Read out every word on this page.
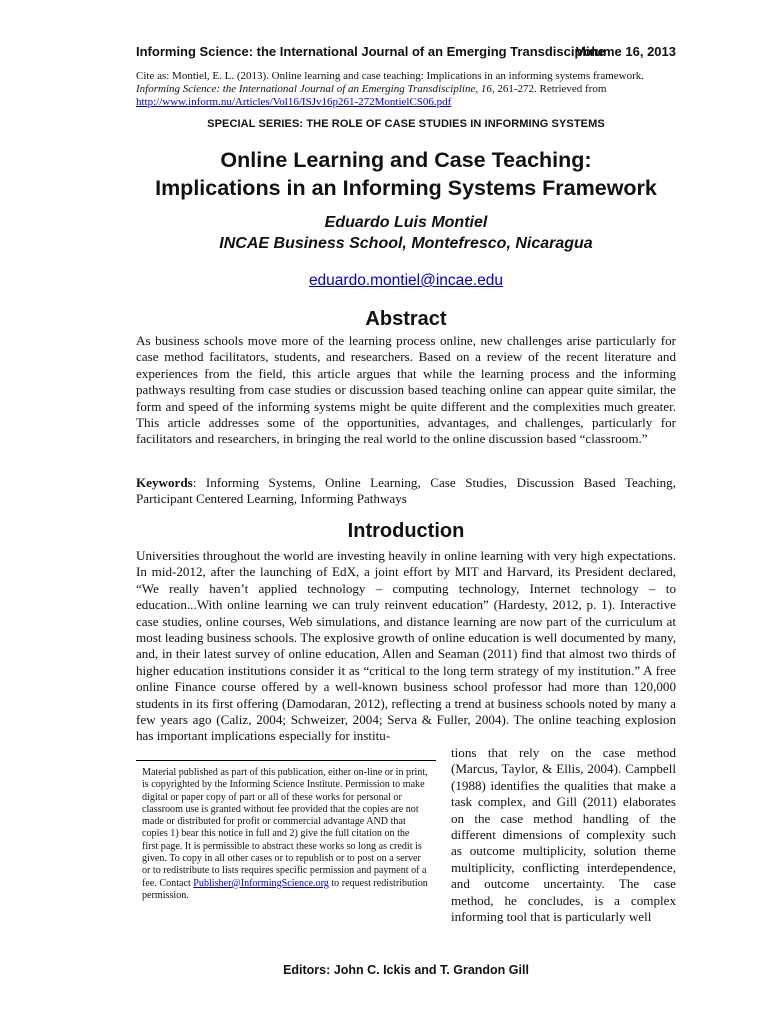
Informing Science: the International Journal of an Emerging Transdiscipline
Volume 16, 2013
Cite as: Montiel, E. L. (2013). Online learning and case teaching: Implications in an informing systems framework. Informing Science: the International Journal of an Emerging Transdiscipline, 16, 261-272. Retrieved from http://www.inform.nu/Articles/Vol16/ISJv16p261-272MontielCS06.pdf
SPECIAL SERIES: THE ROLE OF CASE STUDIES IN INFORMING SYSTEMS
Online Learning and Case Teaching:
Implications in an Informing Systems Framework
Eduardo Luis Montiel
INCAE Business School, Montefresco, Nicaragua
eduardo.montiel@incae.edu
Abstract

As business schools move more of the learning process online, new challenges arise particularly for case method facilitators, students, and researchers. Based on a review of the recent literature and experiences from the field, this article argues that while the learning process and the informing pathways resulting from case studies or discussion based teaching online can appear quite similar, the form and speed of the informing systems might be quite different and the complexities much greater. This article addresses some of the opportunities, advantages, and challenges, particularly for facilitators and researchers, in bringing the real world to the online discussion based “classroom.”

Keywords: Informing Systems, Online Learning, Case Studies, Discussion Based Teaching, Participant Centered Learning, Informing Pathways

Introduction

Universities throughout the world are investing heavily in online learning with very high expectations. In mid-2012, after the launching of EdX, a joint effort by MIT and Harvard, its President declared, “We really haven’t applied technology – computing technology, Internet technology – to education...With online learning we can truly reinvent education” (Hardesty, 2012, p. 1). Interactive case studies, online courses, Web simulations, and distance learning are now part of the curriculum at most leading business schools. The explosive growth of online education is well documented by many, and, in their latest survey of online education, Allen and Seaman (2011) find that almost two thirds of higher education institutions consider it as “critical to the long term strategy of my institution.” A free online Finance course offered by a well-known business school professor had more than 120,000 students in its first offering (Damodaran, 2012), reflecting a trend at business schools noted by many a few years ago (Caliz, 2004; Schweizer, 2004; Serva & Fuller, 2004). The online teaching explosion has important implications especially for institu-

tions that rely on the case method (Marcus, Taylor, & Ellis, 2004). Campbell (1988) identifies the qualities that make a task complex, and Gill (2011) elaborates on the case method handling of the different dimensions of complexity such as outcome multiplicity, solution theme multiplicity, conflicting interdependence, and outcome uncertainty. The case method, he concludes, is a complex informing tool that is particularly well

Material published as part of this publication, either on-line or in print, is copyrighted by the Informing Science Institute. Permission to make digital or paper copy of part or all of these works for personal or classroom use is granted without fee provided that the copies are not made or distributed for profit or commercial advantage AND that copies 1) bear this notice in full and 2) give the full citation on the first page. It is permissible to abstract these works so long as credit is given. To copy in all other cases or to republish or to post on a server or to redistribute to lists requires specific permission and payment of a fee. Contact Publisher@InformingScience.org to request redistribution permission.

Editors: John C. Ickis and T. Grandon Gill
